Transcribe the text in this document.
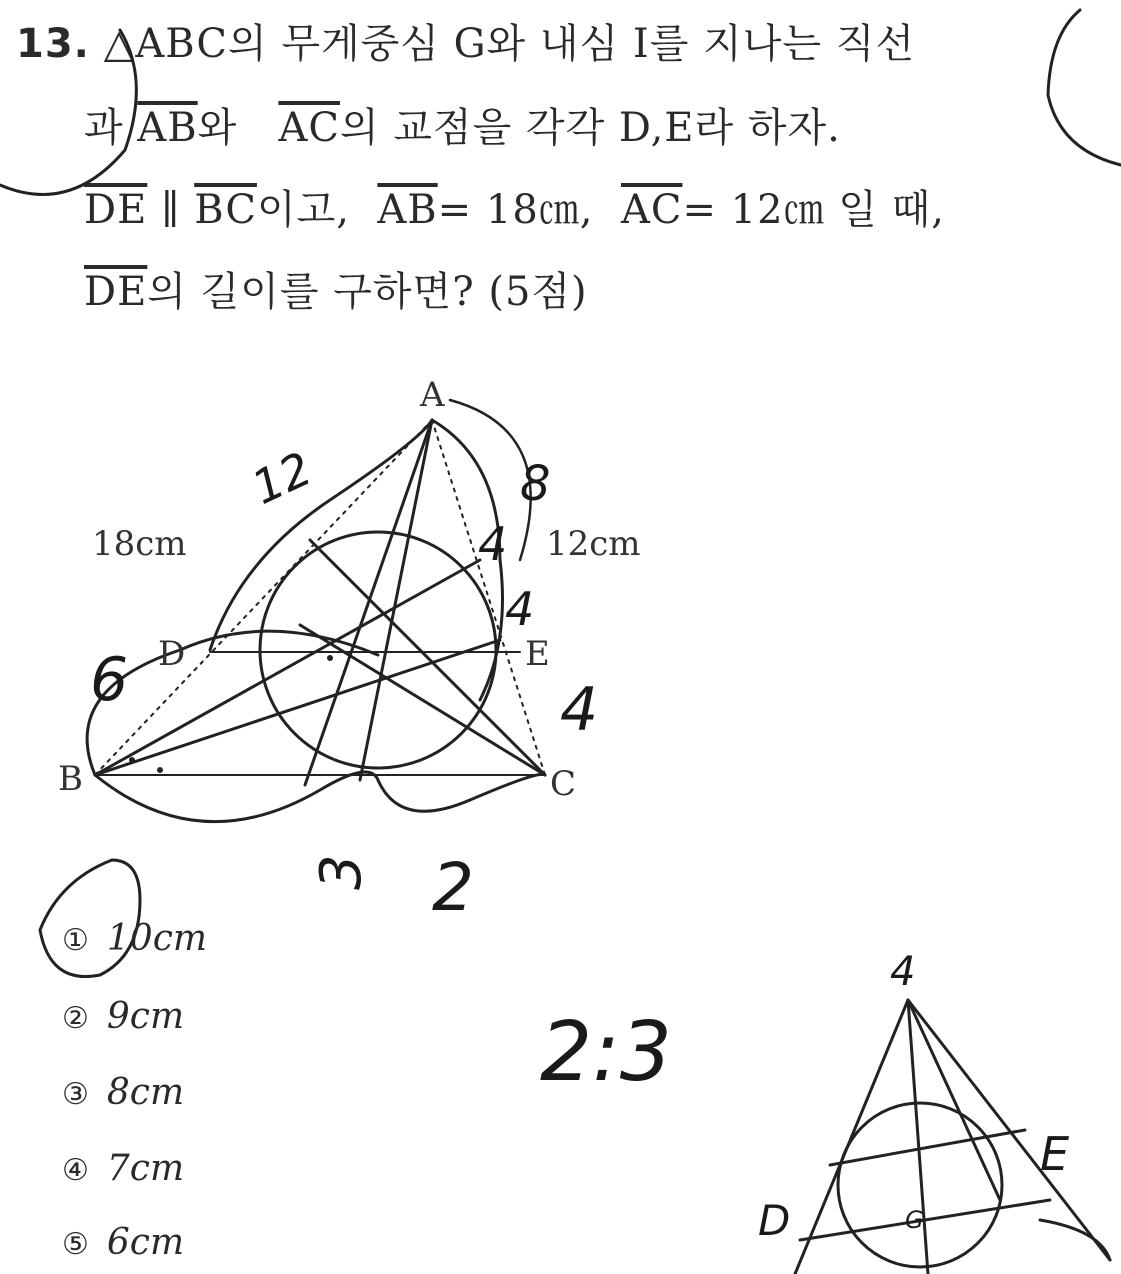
13. △ABC의 무게중심 G와 내심 I를 지나는 직선
과 $\overline{AB}$와 $\overline{AC}$의 교점을 각각 D,E라 하자.
$\overline{DE}$ ∥ $\overline{BC}$이고, $\overline{AB}=$ 18㎝, $\overline{AC}=$ 12㎝ 일 때,
$\overline{DE}$의 길이를 구하면? (5점)
A
B	C
D	E
18cm	12cm
12	8
4
4
6	4
3 2
2:3
4
E
D	G
① 10cm
② 9cm
③ 8cm
④ 7cm
⑤ 6cm
